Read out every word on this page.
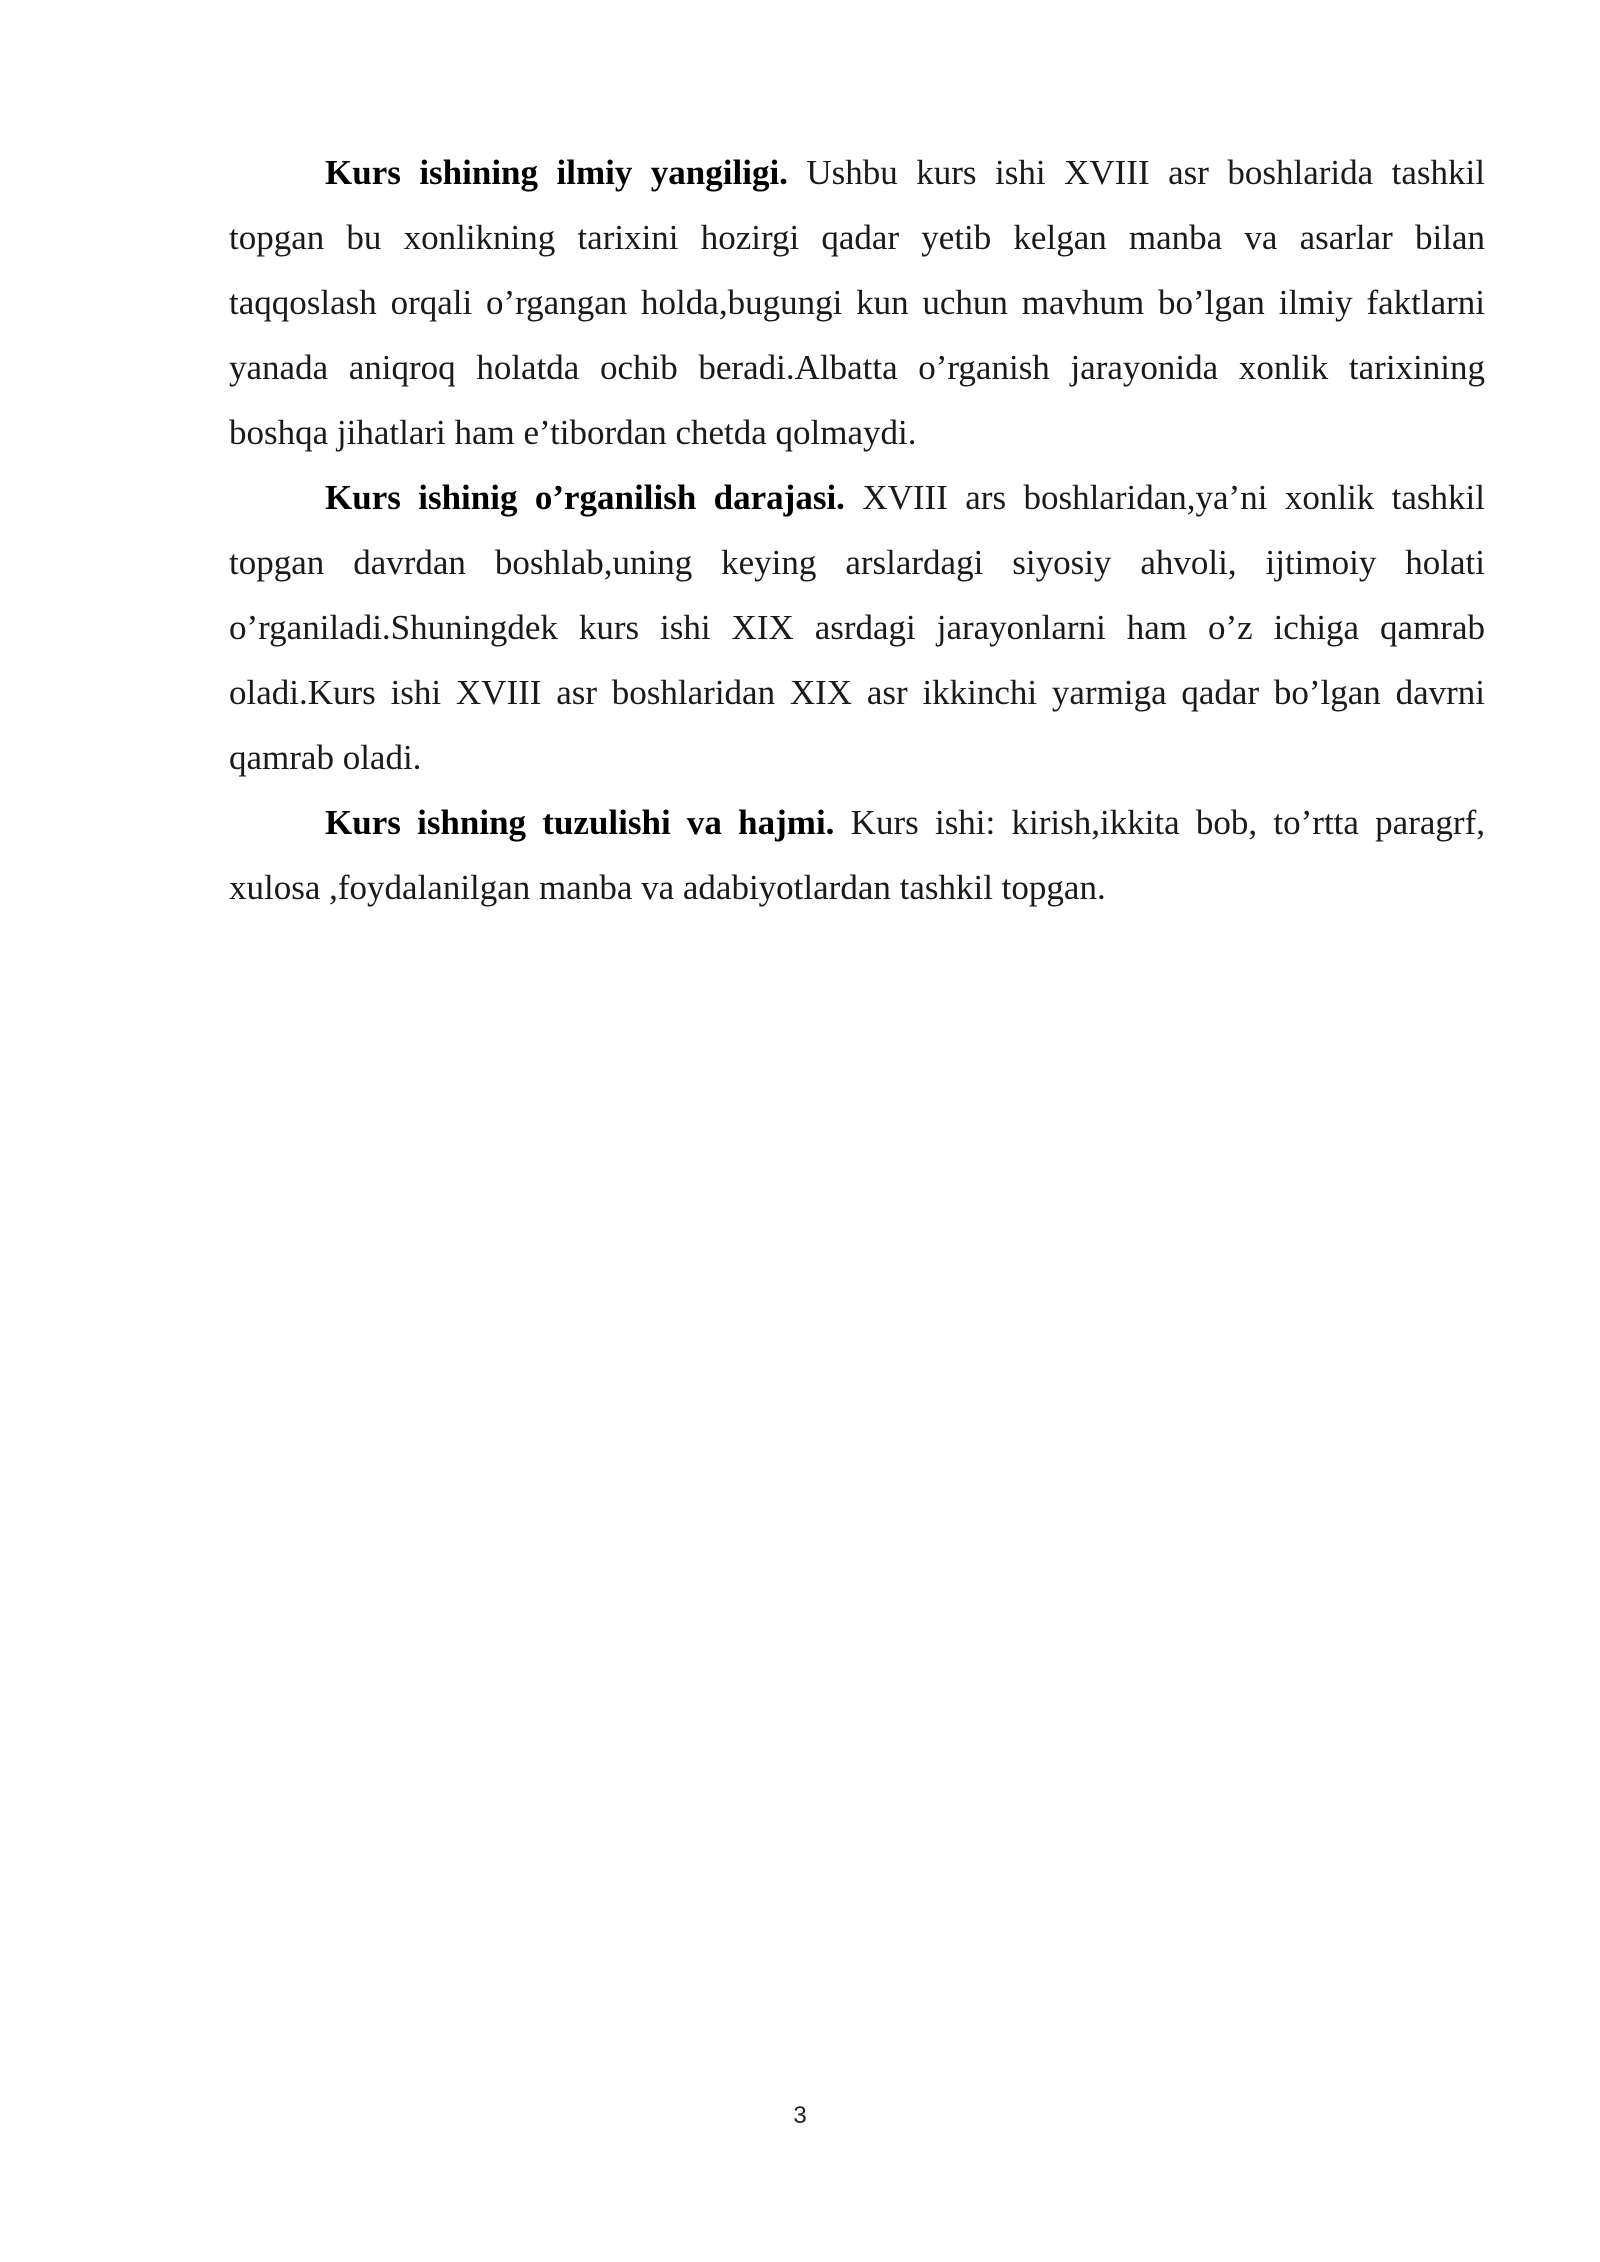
Kurs ishining ilmiy yangiligi. Ushbu kurs ishi XVIII asr boshlarida tashkil topgan bu xonlikning tarixini hozirgi qadar yetib kelgan manba va asarlar bilan taqqoslash orqali o’rgangan holda,bugungi kun uchun mavhum bo’lgan ilmiy faktlarni yanada aniqroq holatda ochib beradi.Albatta o’rganish jarayonida xonlik tarixining boshqa jihatlari ham e’tibordan chetda qolmaydi.

Kurs ishinig o’rganilish darajasi. XVIII ars boshlaridan,ya’ni xonlik tashkil topgan davrdan boshlab,uning keying arslardagi siyosiy ahvoli, ijtimoiy holati o’rganiladi.Shuningdek kurs ishi XIX asrdagi jarayonlarni ham o’z ichiga qamrab oladi.Kurs ishi XVIII asr boshlaridan XIX asr ikkinchi yarmiga qadar bo’lgan davrni qamrab oladi.

Kurs ishning tuzulishi va hajmi. Kurs ishi: kirish,ikkita bob, to’rtta paragrf, xulosa ,foydalanilgan manba va adabiyotlardan tashkil topgan.

3
